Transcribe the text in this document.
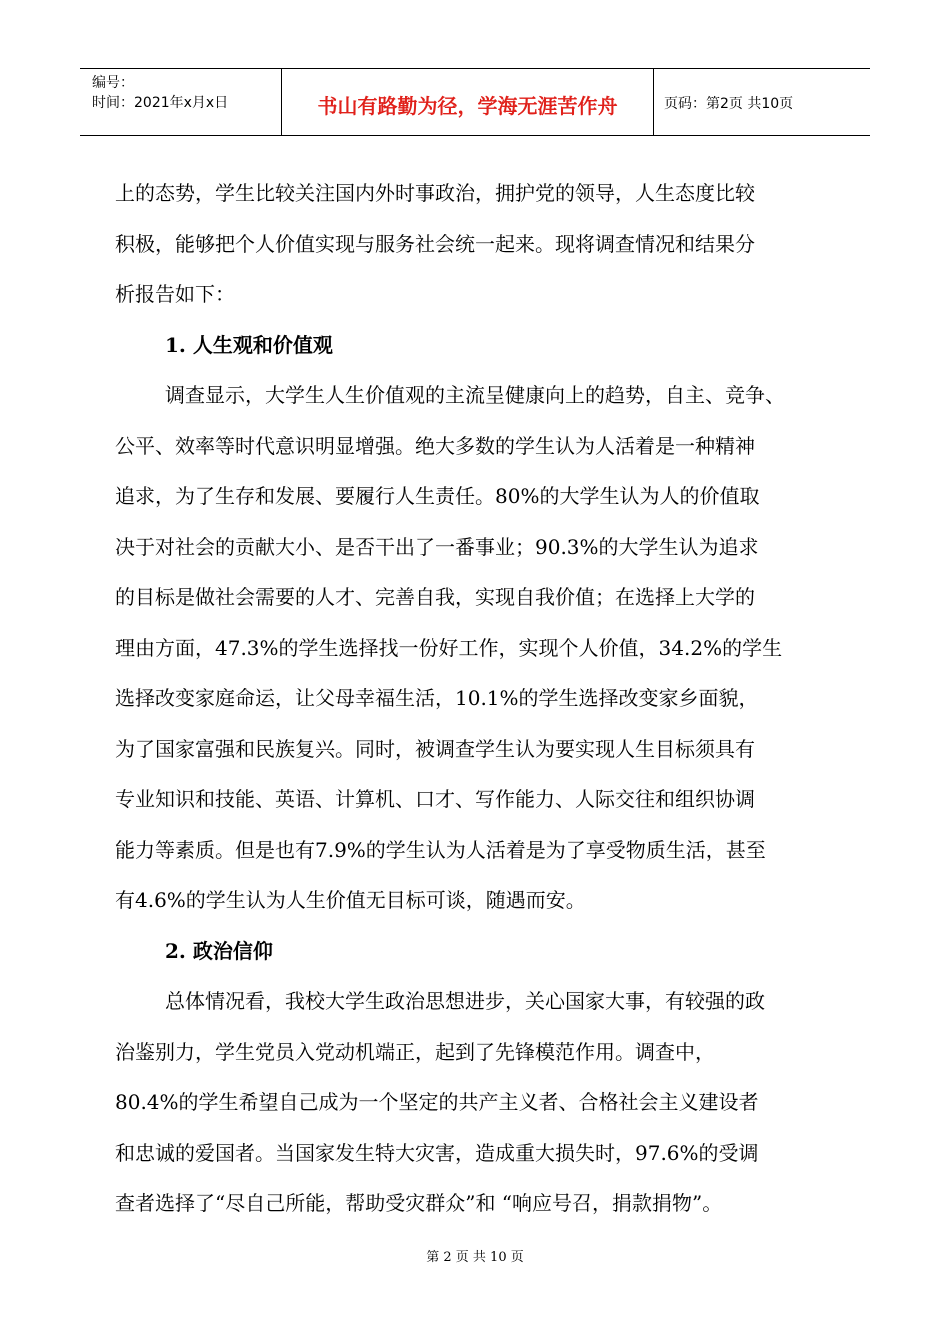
编号：
时间：2021年x月x日	书山有路勤为径，学海无涯苦作舟	页码：第2页 共10页
上的态势，学生比较关注国内外时事政治，拥护党的领导，人生态度比较
积极，能够把个人价值实现与服务社会统一起来。现将调查情况和结果分
析报告如下：
1. 人生观和价值观
调查显示，大学生人生价值观的主流呈健康向上的趋势，自主、竞争、
公平、效率等时代意识明显增强。绝大多数的学生认为人活着是一种精神
追求，为了生存和发展、要履行人生责任。80%的大学生认为人的价值取
决于对社会的贡献大小、是否干出了一番事业；90.3%的大学生认为追求
的目标是做社会需要的人才、完善自我，实现自我价值；在选择上大学的
理由方面，47.3%的学生选择找一份好工作，实现个人价值，34.2%的学生
选择改变家庭命运，让父母幸福生活，10.1%的学生选择改变家乡面貌，
为了国家富强和民族复兴。同时，被调查学生认为要实现人生目标须具有
专业知识和技能、英语、计算机、口才、写作能力、人际交往和组织协调
能力等素质。但是也有7.9%的学生认为人活着是为了享受物质生活，甚至
有4.6%的学生认为人生价值无目标可谈，随遇而安。
2. 政治信仰
总体情况看，我校大学生政治思想进步，关心国家大事，有较强的政
治鉴别力，学生党员入党动机端正，起到了先锋模范作用。调查中，
80.4%的学生希望自己成为一个坚定的共产主义者、合格社会主义建设者
和忠诚的爱国者。当国家发生特大灾害，造成重大损失时，97.6%的受调
查者选择了“尽自己所能，帮助受灾群众”和 “响应号召，捐款捐物”。
第 2 页 共 10 页
